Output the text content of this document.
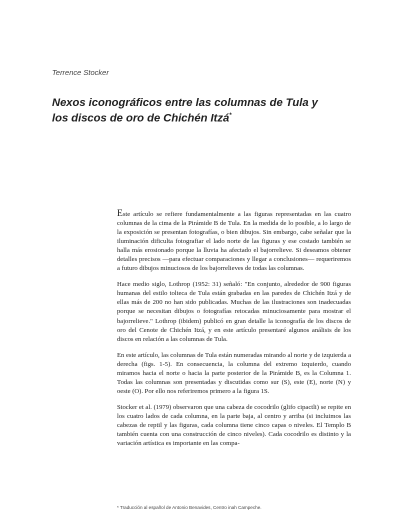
Terrence Stocker
Nexos iconográficos entre las columnas de Tula y los discos de oro de Chichén Itzá*

Este artículo se refiere fundamentalmente a las figuras representadas en las cuatro columnas de la cima de la Pirámide B de Tula. En la medida de lo posible, a lo largo de la exposición se presentan fotografías, o bien dibujos. Sin embargo, cabe señalar que la iluminación dificulta fotografiar el lado norte de las figuras y ese costado también se halla más erosionado porque la lluvia ha afectado el bajorrelieve. Si deseamos obtener detalles precisos —para efectuar comparaciones y llegar a conclusiones— requeriremos a futuro dibujos minuciosos de los bajorrelieves de todas las columnas.

Hace medio siglo, Lothrop (1952: 31) señaló: "En conjunto, alrededor de 900 figuras humanas del estilo tolteca de Tula están grabadas en las paredes de Chichén Itzá y de ellas más de 200 no han sido publicadas. Muchas de las ilustraciones son inadecuadas porque se necesitan dibujos o fotografías retocadas minuciosamente para mostrar el bajorrelieve." Lothrop (ibidem) publicó en gran detalle la iconografía de los discos de oro del Cenote de Chichén Itzá, y en este artículo presentaré algunos análisis de los discos en relación a las columnas de Tula.

En este artículo, las columnas de Tula están numeradas mirando al norte y de izquierda a derecha (figs. 1-5). En consecuencia, la columna del extremo izquierdo, cuando miramos hacia el norte o hacia la parte posterior de la Pirámide B, es la Columna 1. Todas las columnas son presentadas y discutidas como sur (S), este (E), norte (N) y oeste (O). Por ello nos referiremos primero a la figura 1S.

Stocker et al. (1979) observaron que una cabeza de cocodrilo (glifo cipactli) se repite en los cuatro lados de cada columna, en la parte baja, al centro y arriba (si incluimos las cabezas de reptil y las figuras, cada columna tiene cinco capas o niveles. El Templo B también cuenta con una construcción de cinco niveles). Cada cocodrilo es distinto y la variación artística es importante en las compa-

* Traducción al español de Antonio Benavides, Centro inah Campeche.
